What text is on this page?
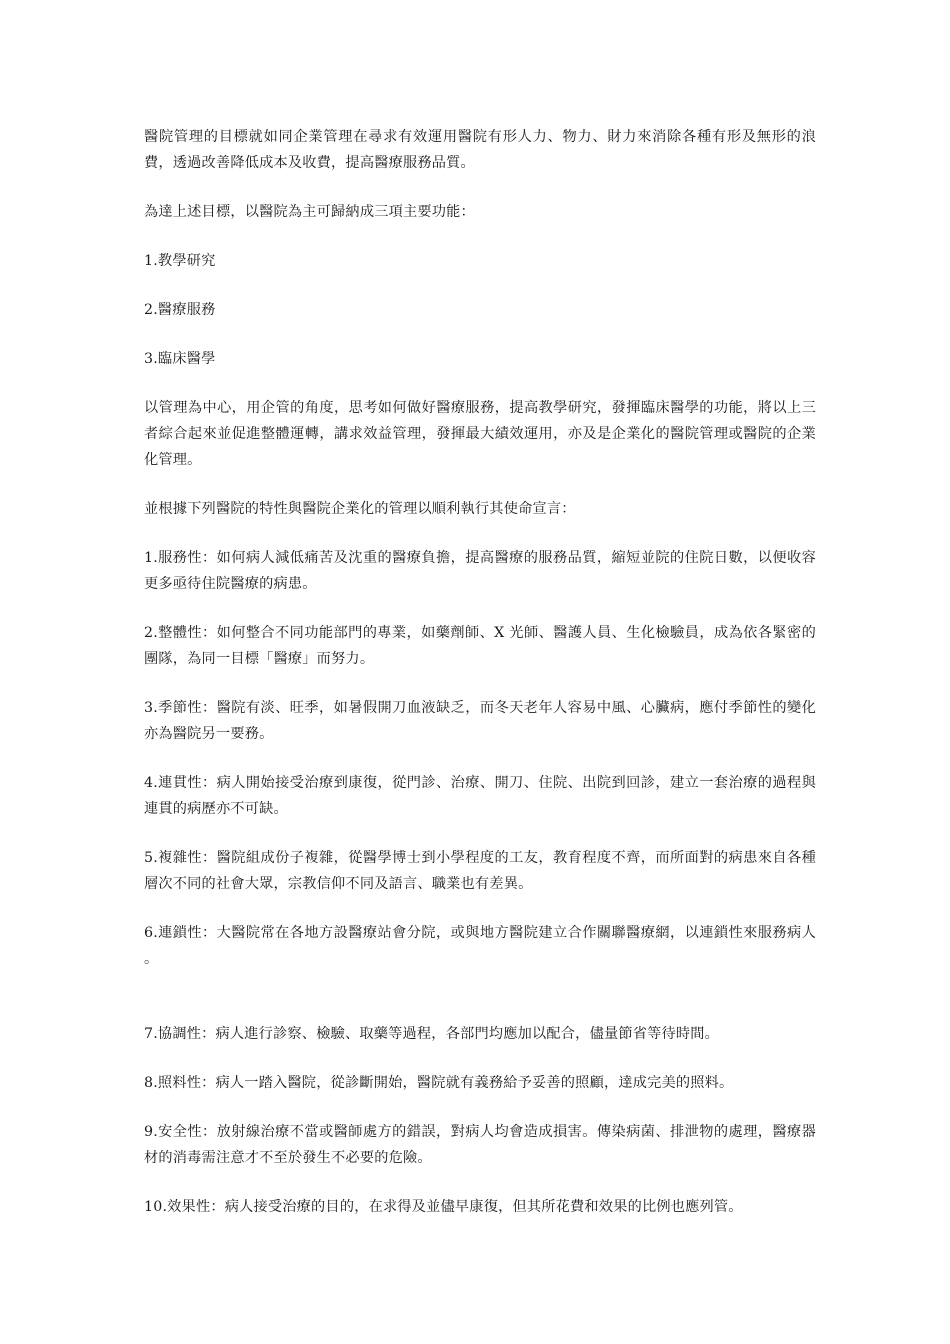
醫院管理的目標就如同企業管理在尋求有效運用醫院有形人力、物力、財力來消除各種有形及無形的浪費，透過改善降低成本及收費，提高醫療服務品質。

為達上述目標，以醫院為主可歸納成三項主要功能：

1.教學研究

2.醫療服務

3.臨床醫學

以管理為中心，用企管的角度，思考如何做好醫療服務，提高教學研究，發揮臨床醫學的功能，將以上三者綜合起來並促進整體運轉，講求效益管理，發揮最大績效運用，亦及是企業化的醫院管理或醫院的企業化管理。

並根據下列醫院的特性與醫院企業化的管理以順利執行其使命宣言：

1.服務性：如何病人減低痛苦及沈重的醫療負擔，提高醫療的服務品質，縮短並院的住院日數，以便收容更多亟待住院醫療的病患。

2.整體性：如何整合不同功能部門的專業，如藥劑師、X 光師、醫護人員、生化檢驗員，成為依各緊密的團隊，為同一目標「醫療」而努力。

3.季節性：醫院有淡、旺季，如暑假開刀血液缺乏，而冬天老年人容易中風、心臟病，應付季節性的變化亦為醫院另一要務。

4.連貫性：病人開始接受治療到康復，從門診、治療、開刀、住院、出院到回診，建立一套治療的過程與連貫的病歷亦不可缺。

5.複雜性：醫院組成份子複雜，從醫學博士到小學程度的工友，教育程度不齊，而所面對的病患來自各種層次不同的社會大眾，宗教信仰不同及語言、職業也有差異。

6.連鎖性：大醫院常在各地方設醫療站會分院，或與地方醫院建立合作關聯醫療網，以連鎖性來服務病人 。

7.協調性：病人進行診察、檢驗、取藥等過程，各部門均應加以配合，儘量節省等待時間。

8.照料性：病人一踏入醫院，從診斷開始，醫院就有義務給予妥善的照顧，達成完美的照料。

9.安全性：放射線治療不當或醫師處方的錯誤，對病人均會造成損害。傳染病菌、排泄物的處理，醫療器材的消毒需注意才不至於發生不必要的危險。

10.效果性：病人接受治療的目的，在求得及並儘早康復，但其所花費和效果的比例也應列管。
